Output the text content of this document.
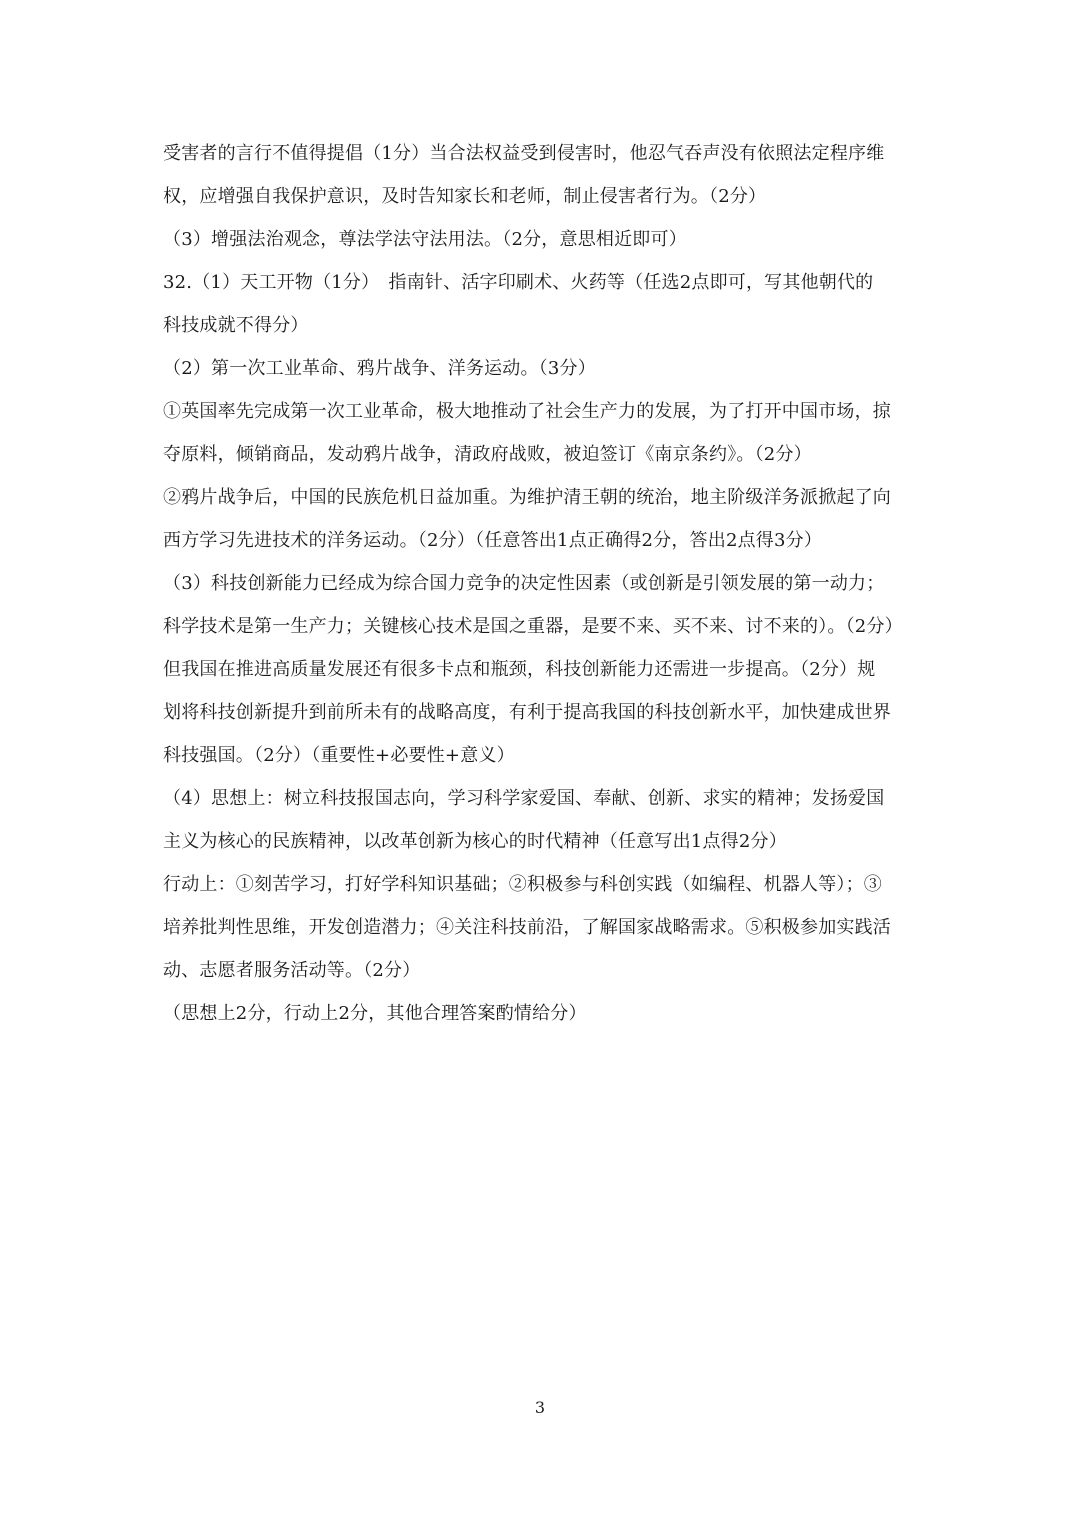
受害者的言行不值得提倡（1分）当合法权益受到侵害时，他忍气吞声没有依照法定程序维
权，应增强自我保护意识，及时告知家长和老师，制止侵害者行为。（2分）
（3）增强法治观念，尊法学法守法用法。（2分，意思相近即可）
32.（1）天工开物（1分）　指南针、活字印刷术、火药等（任选2点即可，写其他朝代的
科技成就不得分）
（2）第一次工业革命、鸦片战争、洋务运动。（3分）
①英国率先完成第一次工业革命，极大地推动了社会生产力的发展，为了打开中国市场，掠
夺原料，倾销商品，发动鸦片战争，清政府战败，被迫签订《南京条约》。（2分）
②鸦片战争后，中国的民族危机日益加重。为维护清王朝的统治，地主阶级洋务派掀起了向
西方学习先进技术的洋务运动。（2分）（任意答出1点正确得2分，答出2点得3分）
（3）科技创新能力已经成为综合国力竞争的决定性因素（或创新是引领发展的第一动力；
科学技术是第一生产力；关键核心技术是国之重器，是要不来、买不来、讨不来的）。（2分）
但我国在推进高质量发展还有很多卡点和瓶颈，科技创新能力还需进一步提高。（2分）规
划将科技创新提升到前所未有的战略高度，有利于提高我国的科技创新水平，加快建成世界
科技强国。（2分）（重要性+必要性+意义）
（4）思想上：树立科技报国志向，学习科学家爱国、奉献、创新、求实的精神；发扬爱国
主义为核心的民族精神，以改革创新为核心的时代精神（任意写出1点得2分）
行动上：①刻苦学习，打好学科知识基础；②积极参与科创实践（如编程、机器人等）；③
培养批判性思维，开发创造潜力；④关注科技前沿，了解国家战略需求。⑤积极参加实践活
动、志愿者服务活动等。（2分）
（思想上2分，行动上2分，其他合理答案酌情给分）
3
